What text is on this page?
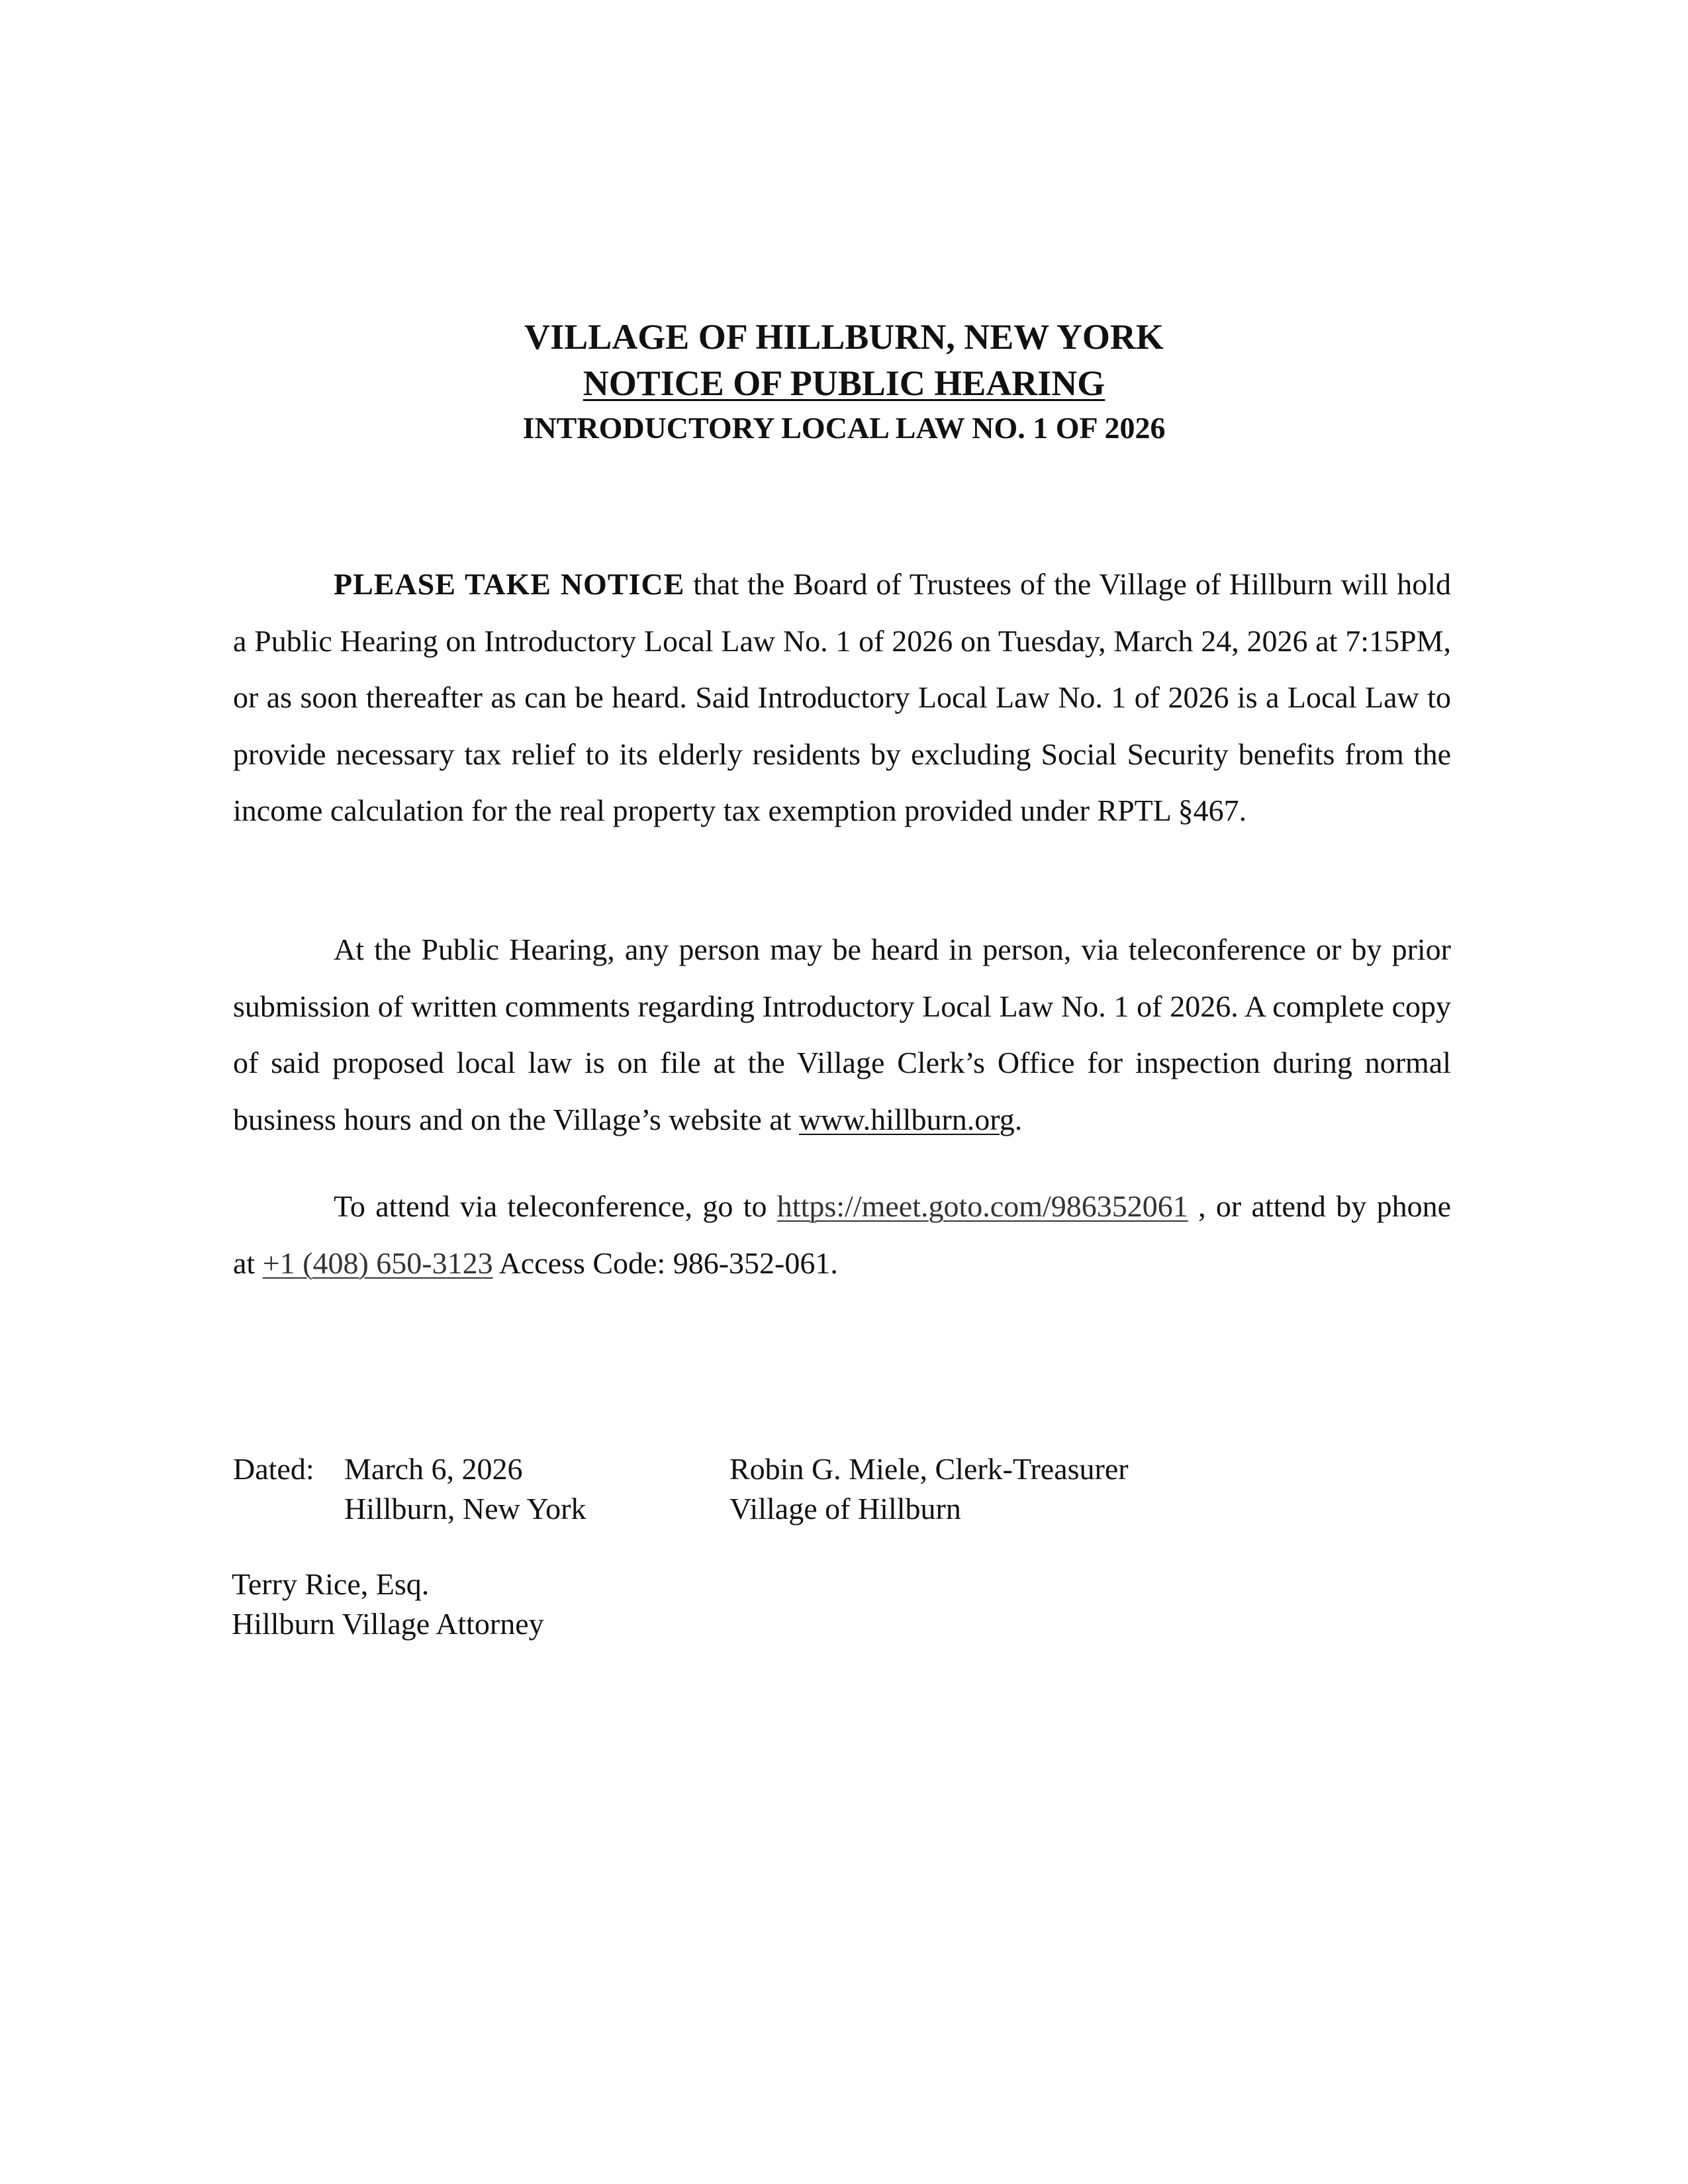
VILLAGE OF HILLBURN, NEW YORK
NOTICE OF PUBLIC HEARING
INTRODUCTORY LOCAL LAW NO. 1 OF 2026
PLEASE TAKE NOTICE that the Board of Trustees of the Village of Hillburn will hold a Public Hearing on Introductory Local Law No. 1 of 2026 on Tuesday, March 24, 2026 at 7:15PM, or as soon thereafter as can be heard. Said Introductory Local Law No. 1 of 2026 is a Local Law to provide necessary tax relief to its elderly residents by excluding Social Security benefits from the income calculation for the real property tax exemption provided under RPTL §467.
At the Public Hearing, any person may be heard in person, via teleconference or by prior submission of written comments regarding Introductory Local Law No. 1 of 2026. A complete copy of said proposed local law is on file at the Village Clerk’s Office for inspection during normal business hours and on the Village’s website at www.hillburn.org.
To attend via teleconference, go to https://meet.goto.com/986352061 , or attend by phone at +1 (408) 650-3123 Access Code: 986-352-061.
Dated: March 6, 2026
Hillburn, New York
Robin G. Miele, Clerk-Treasurer
Village of Hillburn
Terry Rice, Esq.
Hillburn Village Attorney
